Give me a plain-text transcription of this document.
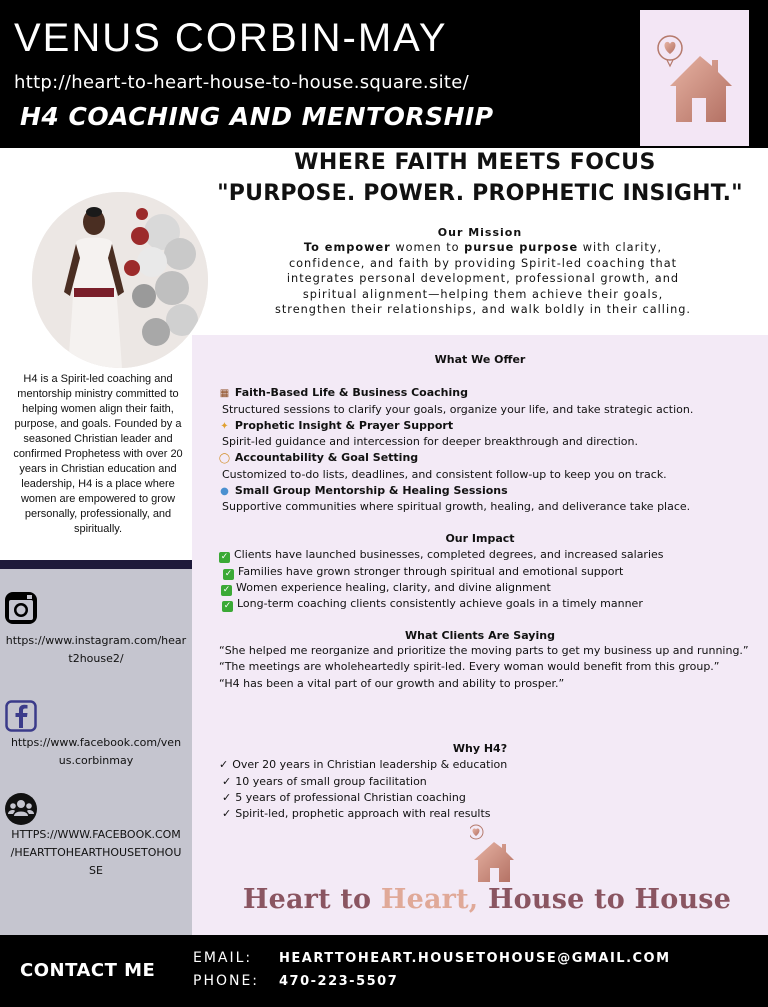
VENUS CORBIN-MAY
http://heart-to-heart-house-to-house.square.site/
H4 COACHING AND MENTORSHIP
H4 is a Spirit-led coaching and mentorship ministry committed to helping women align their faith, purpose, and goals. Founded by a seasoned Christian leader and confirmed Prophetess with over 20 years in Christian education and leadership, H4 is a place where women are empowered to grow personally, professionally, and spiritually.
https://www.instagram.com/hear
t2house2/
https://www.facebook.com/ven
us.corbinmay
HTTPS://WWW.FACEBOOK.COM
/HEARTTOHEARTHOUSETOHOU
SE
WHERE FAITH MEETS FOCUS
"PURPOSE. POWER. PROPHETIC INSIGHT."
Our Mission
To empower women to pursue purpose with clarity, confidence, and faith by providing Spirit-led coaching that integrates personal development, professional growth, and spiritual alignment—helping them achieve their goals, strengthen their relationships, and walk boldly in their calling.
What We Offer
▦ Faith-Based Life & Business Coaching
Structured sessions to clarify your goals, organize your life, and take strategic action.
✦ Prophetic Insight & Prayer Support
Spirit-led guidance and intercession for deeper breakthrough and direction.
◯ Accountability & Goal Setting
Customized to-do lists, deadlines, and consistent follow-up to keep you on track.
● Small Group Mentorship & Healing Sessions
Supportive communities where spiritual growth, healing, and deliverance take place.
Our Impact
✓ Clients have launched businesses, completed degrees, and increased salaries
✓ Families have grown stronger through spiritual and emotional support
✓ Women experience healing, clarity, and divine alignment
✓ Long-term coaching clients consistently achieve goals in a timely manner
What Clients Are Saying
“She helped me reorganize and prioritize the moving parts to get my business up and running.”
“The meetings are wholeheartedly spirit-led. Every woman would benefit from this group.”
“H4 has been a vital part of our growth and ability to prosper.”
Why H4?
✓ Over 20 years in Christian leadership & education
✓ 10 years of small group facilitation
✓ 5 years of professional Christian coaching
✓ Spirit-led, prophetic approach with real results
Heart to Heart, House to House
CONTACT ME
EMAIL: HEARTTOHEART.HOUSETOHOUSE@GMAIL.COM
PHONE: 470-223-5507
